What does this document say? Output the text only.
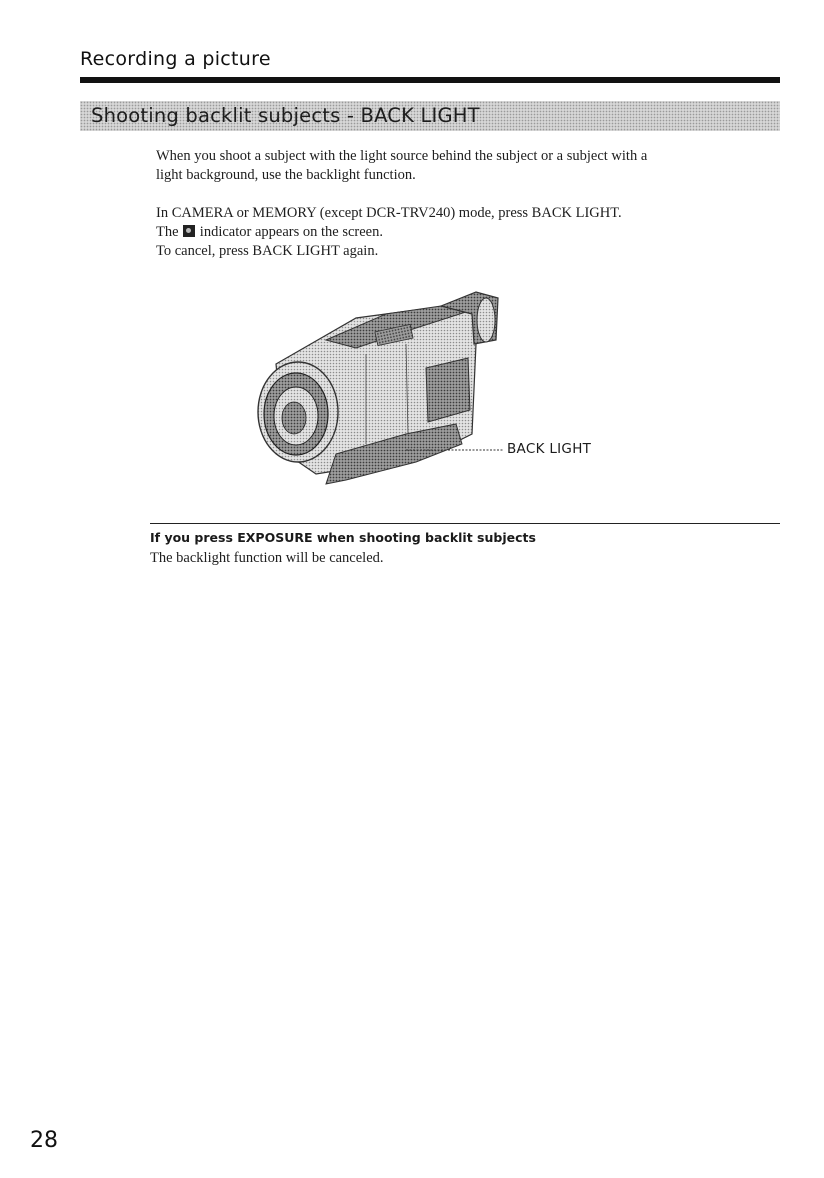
Recording a picture
Shooting backlit subjects - BACK LIGHT
When you shoot a subject with the light source behind the subject or a subject with a
light background, use the backlight function.
In CAMERA or MEMORY (except DCR-TRV240) mode, press BACK LIGHT.
The indicator appears on the screen.
To cancel, press BACK LIGHT again.
BACK LIGHT
If you press EXPOSURE when shooting backlit subjects
The backlight function will be canceled.
28
